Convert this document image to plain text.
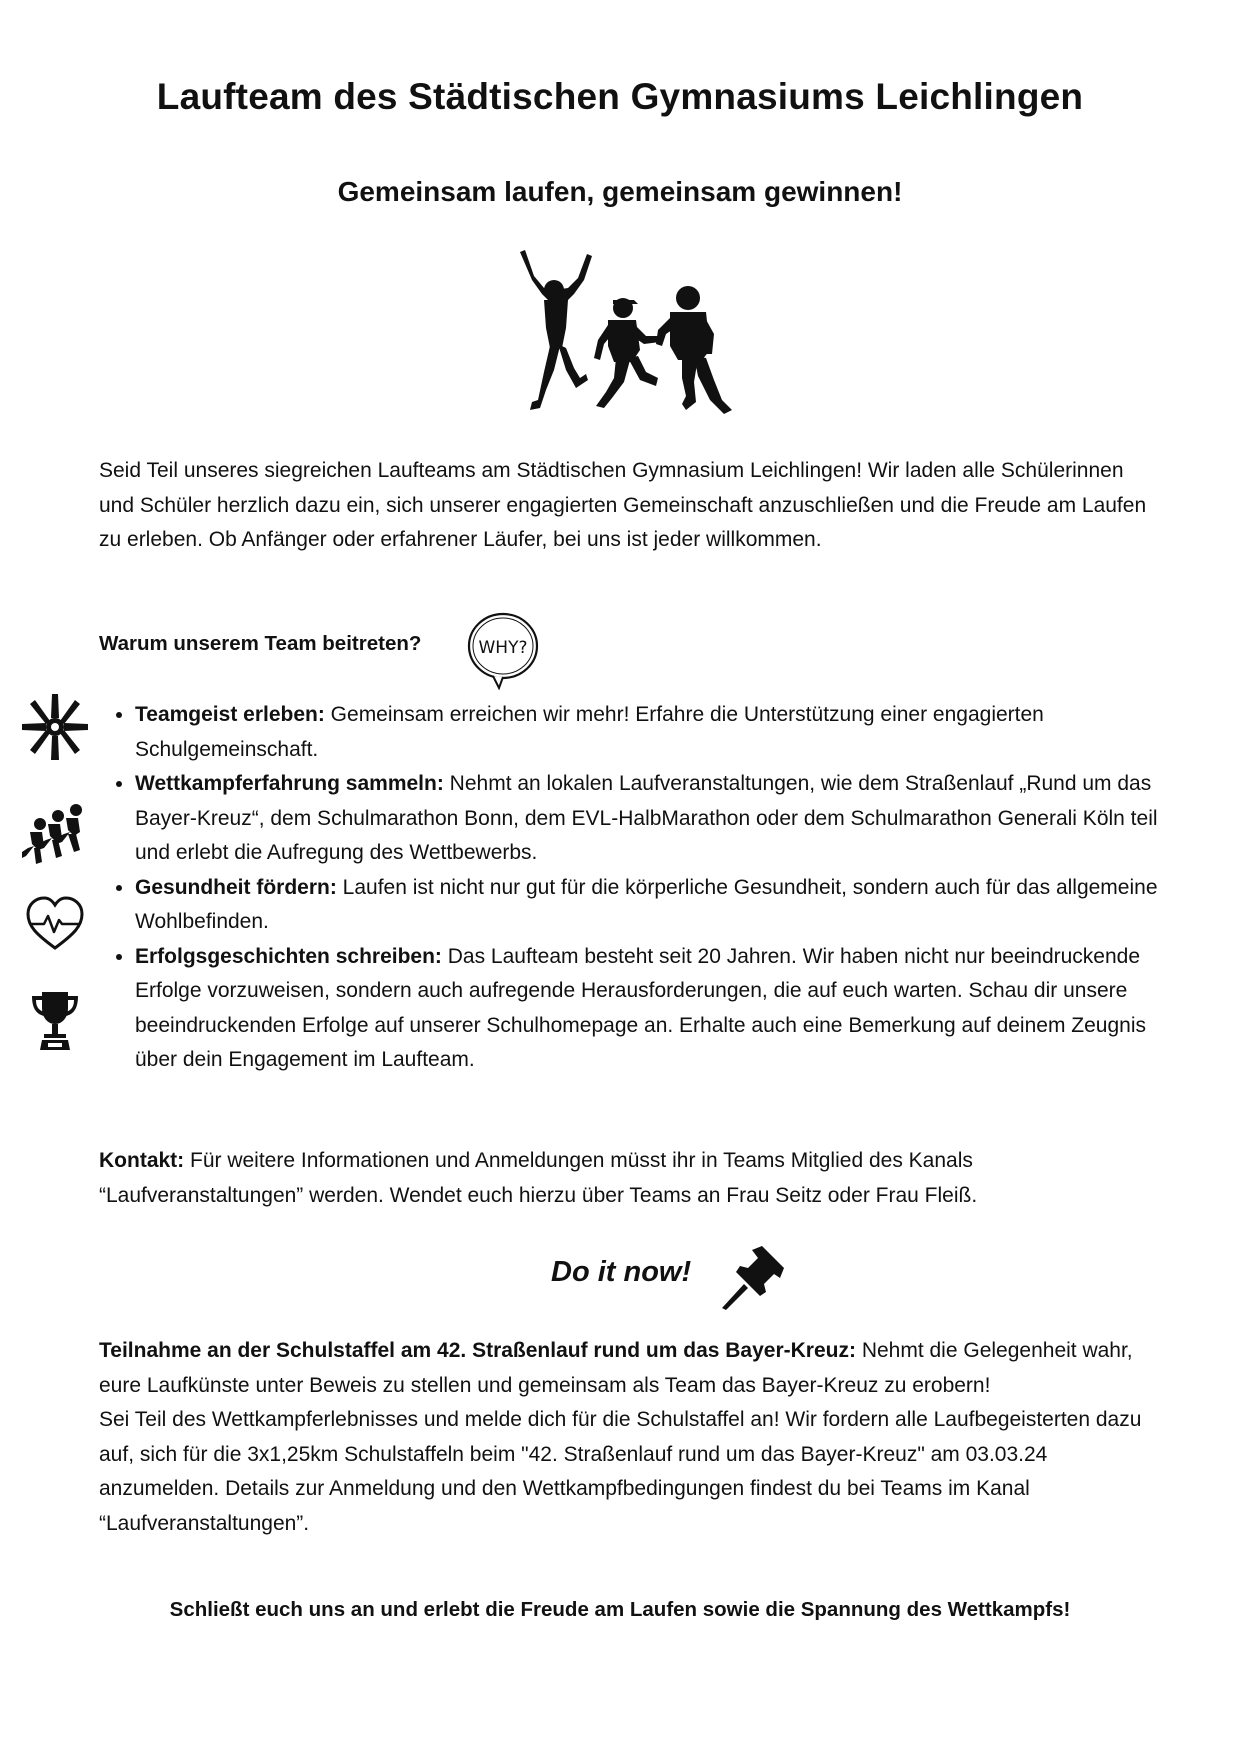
Laufteam des Städtischen Gymnasiums Leichlingen
Gemeinsam laufen, gemeinsam gewinnen!

Seid Teil unseres siegreichen Laufteams am Städtischen Gymnasium Leichlingen! Wir laden alle Schülerinnen und Schüler herzlich dazu ein, sich unserer engagierten Gemeinschaft anzuschließen und die Freude am Laufen zu erleben. Ob Anfänger oder erfahrener Läufer, bei uns ist jeder willkommen.

Warum unserem Team beitreten?	WHY?
• Teamgeist erleben: Gemeinsam erreichen wir mehr! Erfahre die Unterstützung einer engagierten Schulgemeinschaft.
• Wettkampferfahrung sammeln: Nehmt an lokalen Laufveranstaltungen, wie dem Straßenlauf „Rund um das Bayer-Kreuz“, dem Schulmarathon Bonn, dem EVL-HalbMarathon oder dem Schulmarathon Generali Köln teil und erlebt die Aufregung des Wettbewerbs.
• Gesundheit fördern: Laufen ist nicht nur gut für die körperliche Gesundheit, sondern auch für das allgemeine Wohlbefinden.
• Erfolgsgeschichten schreiben: Das Laufteam besteht seit 20 Jahren. Wir haben nicht nur beeindruckende Erfolge vorzuweisen, sondern auch aufregende Herausforderungen, die auf euch warten. Schau dir unsere beeindruckenden Erfolge auf unserer Schulhomepage an. Erhalte auch eine Bemerkung auf deinem Zeugnis über dein Engagement im Laufteam.

Kontakt: Für weitere Informationen und Anmeldungen müsst ihr in Teams Mitglied des Kanals “Laufveranstaltungen” werden. Wendet euch hierzu über Teams an Frau Seitz oder Frau Fleiß.

Do it now!

Teilnahme an der Schulstaffel am 42. Straßenlauf rund um das Bayer-Kreuz: Nehmt die Gelegenheit wahr, eure Laufkünste unter Beweis zu stellen und gemeinsam als Team das Bayer-Kreuz zu erobern!
Sei Teil des Wettkampferlebnisses und melde dich für die Schulstaffel an! Wir fordern alle Laufbegeisterten dazu auf, sich für die 3x1,25km Schulstaffeln beim "42. Straßenlauf rund um das Bayer-Kreuz" am 03.03.24 anzumelden. Details zur Anmeldung und den Wettkampfbedingungen findest du bei Teams im Kanal “Laufveranstaltungen”.

Schließt euch uns an und erlebt die Freude am Laufen sowie die Spannung des Wettkampfs!
